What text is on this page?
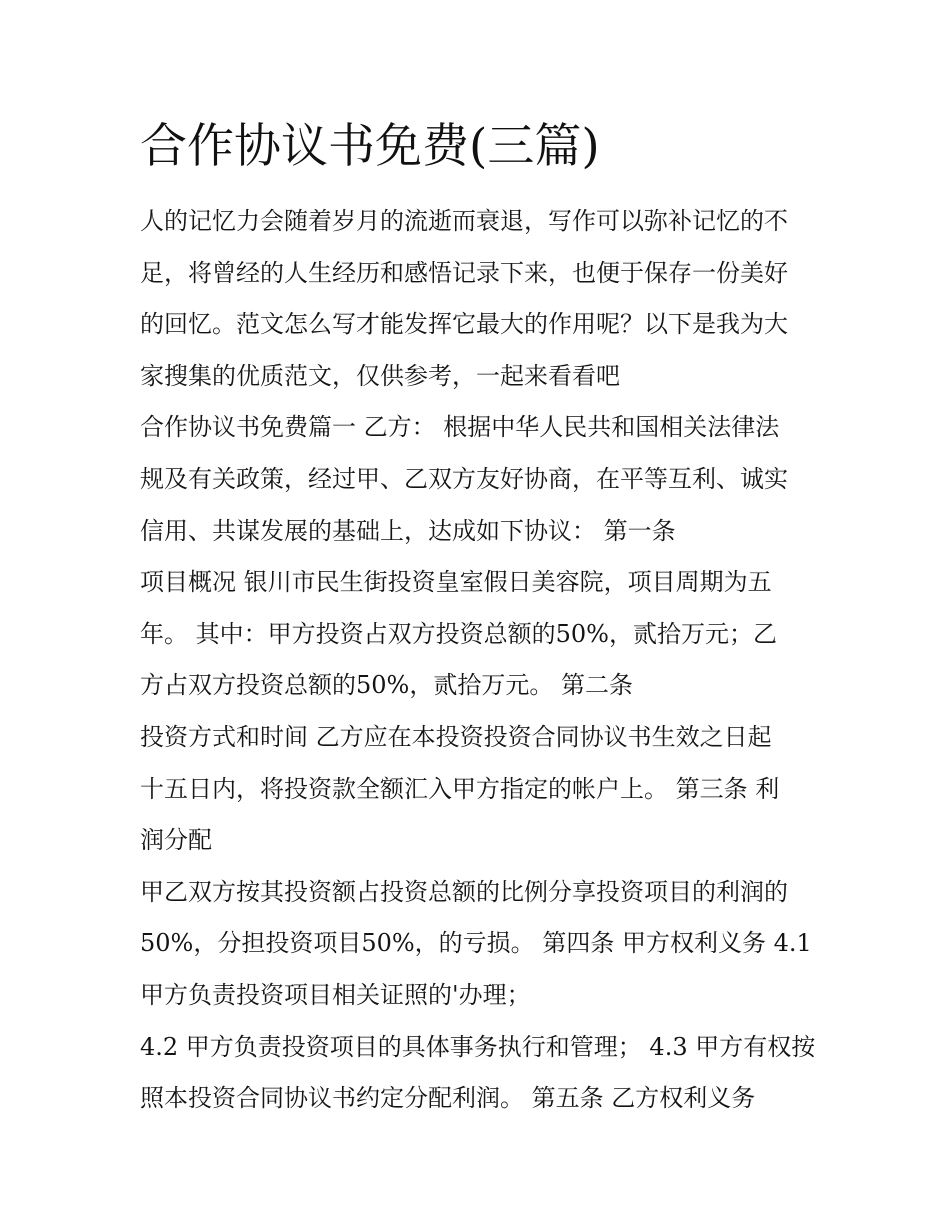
合作协议书免费(三篇)
人的记忆力会随着岁月的流逝而衰退，写作可以弥补记忆的不
足，将曾经的人生经历和感悟记录下来，也便于保存一份美好
的回忆。范文怎么写才能发挥它最大的作用呢？以下是我为大
家搜集的优质范文，仅供参考，一起来看看吧
合作协议书免费篇一 乙方： 根据中华人民共和国相关法律法
规及有关政策，经过甲、乙双方友好协商，在平等互利、诚实
信用、共谋发展的基础上，达成如下协议： 第一条
项目概况 银川市民生街投资皇室假日美容院，项目周期为五
年。 其中：甲方投资占双方投资总额的50%，贰拾万元；乙
方占双方投资总额的50%，贰拾万元。 第二条
投资方式和时间 乙方应在本投资投资合同协议书生效之日起
十五日内，将投资款全额汇入甲方指定的帐户上。 第三条 利
润分配
甲乙双方按其投资额占投资总额的比例分享投资项目的利润的
50%，分担投资项目50%，的亏损。 第四条 甲方权利义务 4.1
甲方负责投资项目相关证照的'办理；
4.2 甲方负责投资项目的具体事务执行和管理； 4.3 甲方有权按
照本投资合同协议书约定分配利润。 第五条 乙方权利义务
